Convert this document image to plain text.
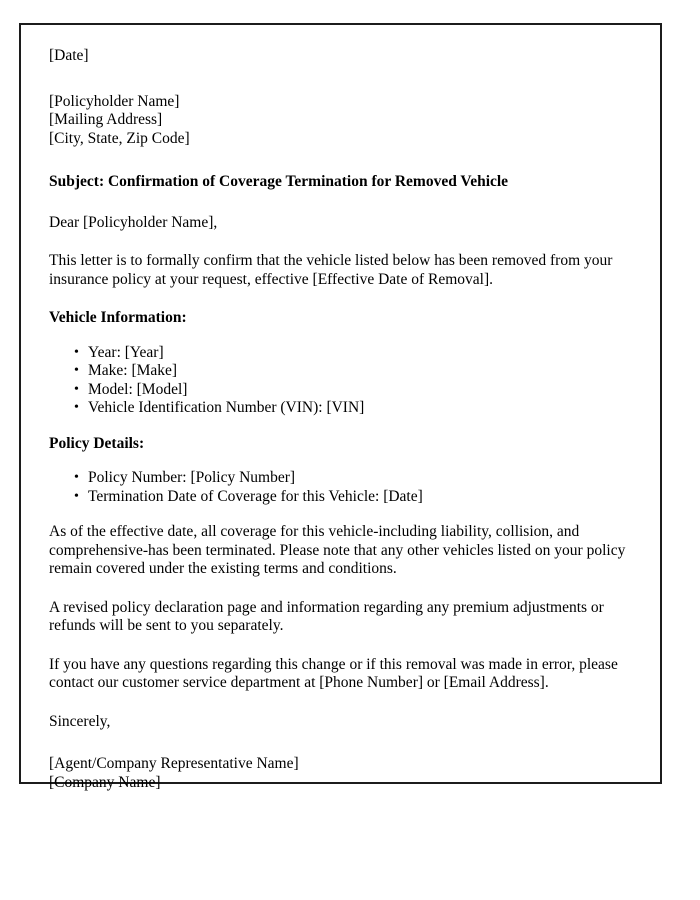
[Date]
[Policyholder Name]
[Mailing Address]
[City, State, Zip Code]
Subject: Confirmation of Coverage Termination for Removed Vehicle
Dear [Policyholder Name],
This letter is to formally confirm that the vehicle listed below has been removed from your insurance policy at your request, effective [Effective Date of Removal].
Vehicle Information:
• Year: [Year]
• Make: [Make]
• Model: [Model]
• Vehicle Identification Number (VIN): [VIN]
Policy Details:
• Policy Number: [Policy Number]
• Termination Date of Coverage for this Vehicle: [Date]
As of the effective date, all coverage for this vehicle-including liability, collision, and comprehensive-has been terminated. Please note that any other vehicles listed on your policy remain covered under the existing terms and conditions.
A revised policy declaration page and information regarding any premium adjustments or refunds will be sent to you separately.
If you have any questions regarding this change or if this removal was made in error, please contact our customer service department at [Phone Number] or [Email Address].
Sincerely,
[Agent/Company Representative Name]
[Company Name]
